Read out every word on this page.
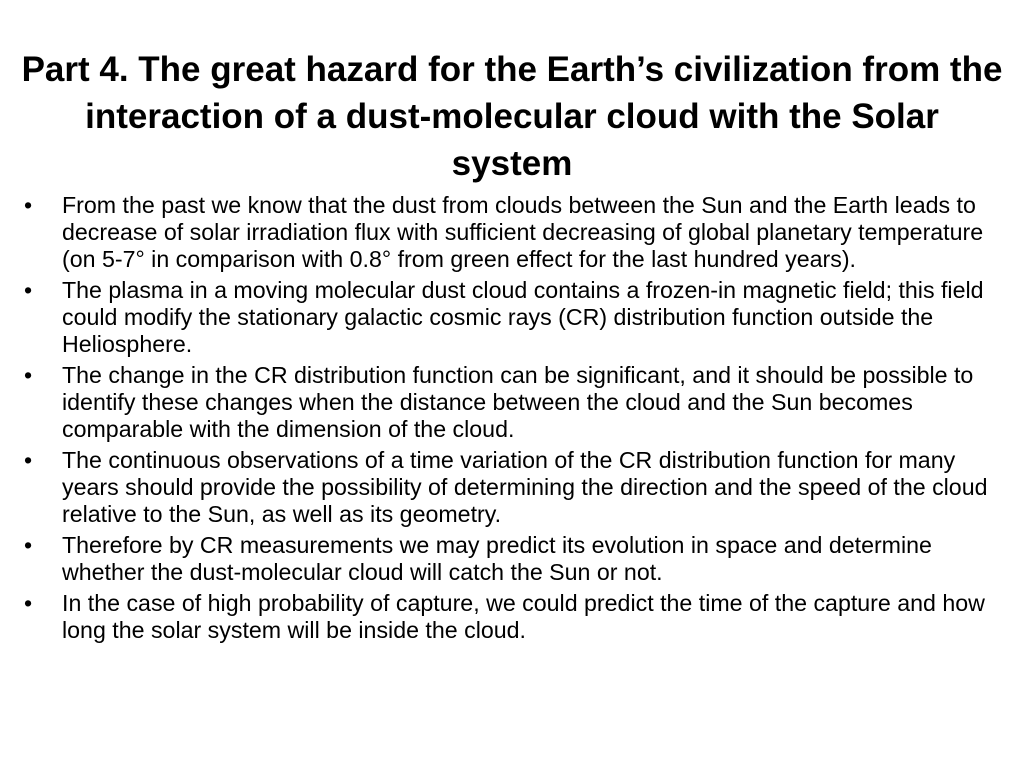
Part 4. The great hazard for the Earth’s civilization from the interaction of a dust-molecular cloud with the Solar system
• From the past we know that the dust from clouds between the Sun and the Earth leads to decrease of solar irradiation flux with sufficient decreasing of global planetary temperature (on 5-7° in comparison with 0.8° from green effect for the last hundred years).
• The plasma in a moving molecular dust cloud contains a frozen-in magnetic field; this field could modify the stationary galactic cosmic rays (CR) distribution function outside the Heliosphere.
• The change in the CR distribution function can be significant, and it should be possible to identify these changes when the distance between the cloud and the Sun becomes comparable with the dimension of the cloud.
• The continuous observations of a time variation of the CR distribution function for many years should provide the possibility of determining the direction and the speed of the cloud relative to the Sun, as well as its geometry.
• Therefore by CR measurements we may predict its evolution in space and determine whether the dust-molecular cloud will catch the Sun or not.
• In the case of high probability of capture, we could predict the time of the capture and how long the solar system will be inside the cloud.
